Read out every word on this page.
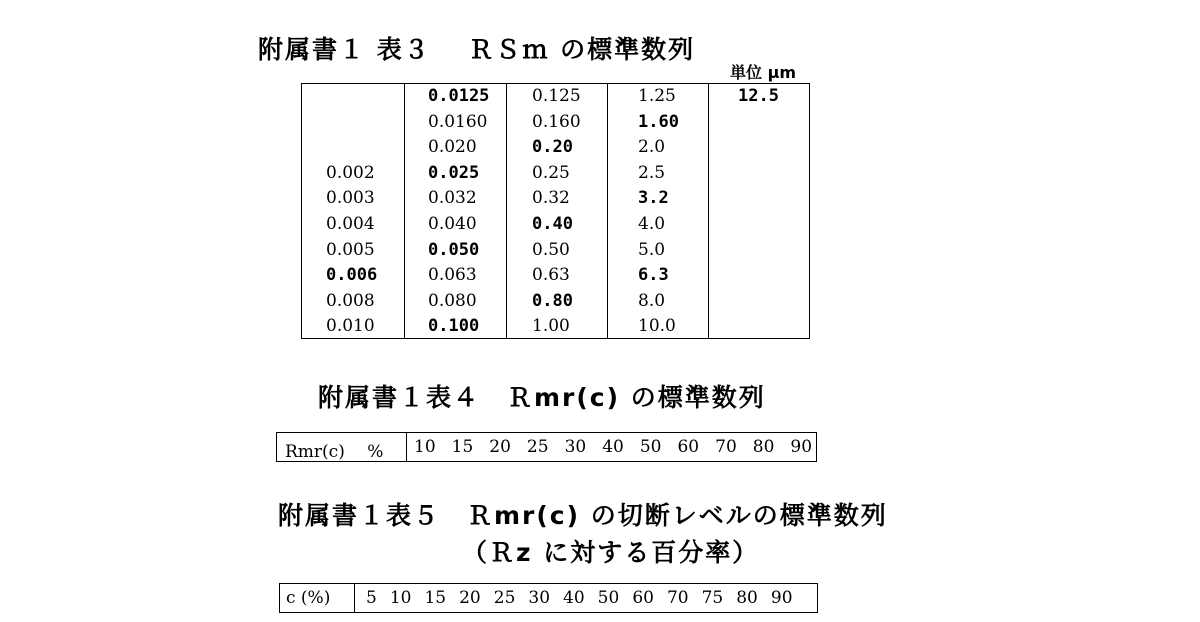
附属書１ 表３　 ＲＳｍ の標準数列
単位 μm
0.002
0.003
0.004
0.005
0.006
0.008
0.010
0.0125
0.0160
0.020
0.025
0.032
0.040
0.050
0.063
0.080
0.100
0.125
0.160
0.20
0.25
0.32
0.40
0.50
0.63
0.80
1.00
1.25
1.60
2.0
2.5
3.2
4.0
5.0
6.3
8.0
10.0
12.5
附属書１表４　Ｒmr(c) の標準数列
Rmr(c)　 % 10 15 20 25 30 40 50 60 70 80 90
附属書１表５　Ｒmr(c) の切断レベルの標準数列
（Ｒz に対する百分率）
c (%) 5 10 15 20 25 30 40 50 60 70 75 80 90
